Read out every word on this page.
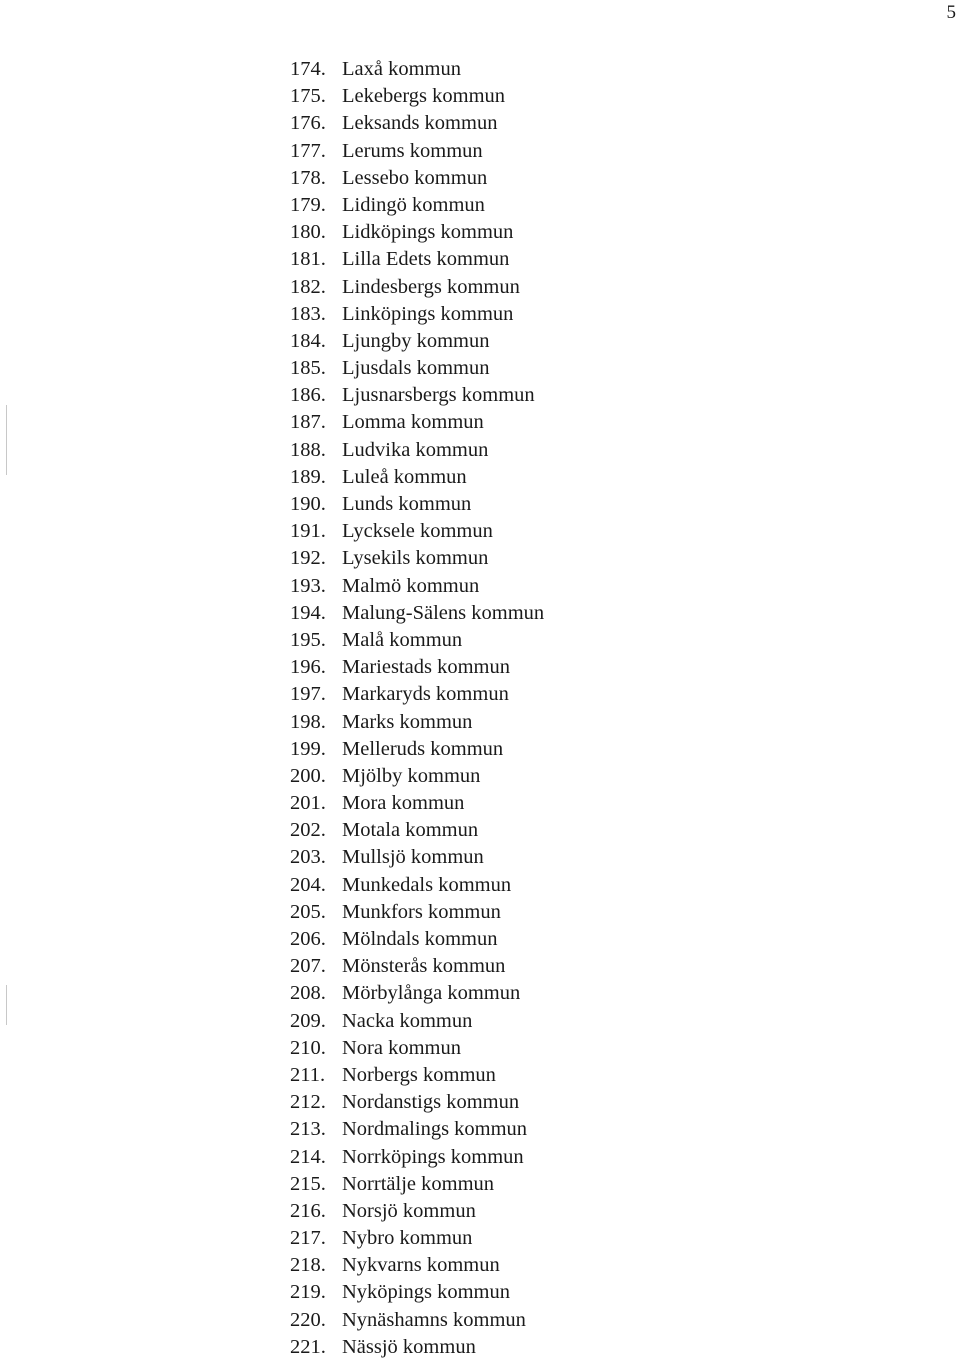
5
174. Laxå kommun
175. Lekebergs kommun
176. Leksands kommun
177. Lerums kommun
178. Lessebo kommun
179. Lidingö kommun
180. Lidköpings kommun
181. Lilla Edets kommun
182. Lindesbergs kommun
183. Linköpings kommun
184. Ljungby kommun
185. Ljusdals kommun
186. Ljusnarsbergs kommun
187. Lomma kommun
188. Ludvika kommun
189. Luleå kommun
190. Lunds kommun
191. Lycksele kommun
192. Lysekils kommun
193. Malmö kommun
194. Malung-Sälens kommun
195. Malå kommun
196. Mariestads kommun
197. Markaryds kommun
198. Marks kommun
199. Melleruds kommun
200. Mjölby kommun
201. Mora kommun
202. Motala kommun
203. Mullsjö kommun
204. Munkedals kommun
205. Munkfors kommun
206. Mölndals kommun
207. Mönsterås kommun
208. Mörbylånga kommun
209. Nacka kommun
210. Nora kommun
211. Norbergs kommun
212. Nordanstigs kommun
213. Nordmalings kommun
214. Norrköpings kommun
215. Norrtälje kommun
216. Norsjö kommun
217. Nybro kommun
218. Nykvarns kommun
219. Nyköpings kommun
220. Nynäshamns kommun
221. Nässjö kommun
